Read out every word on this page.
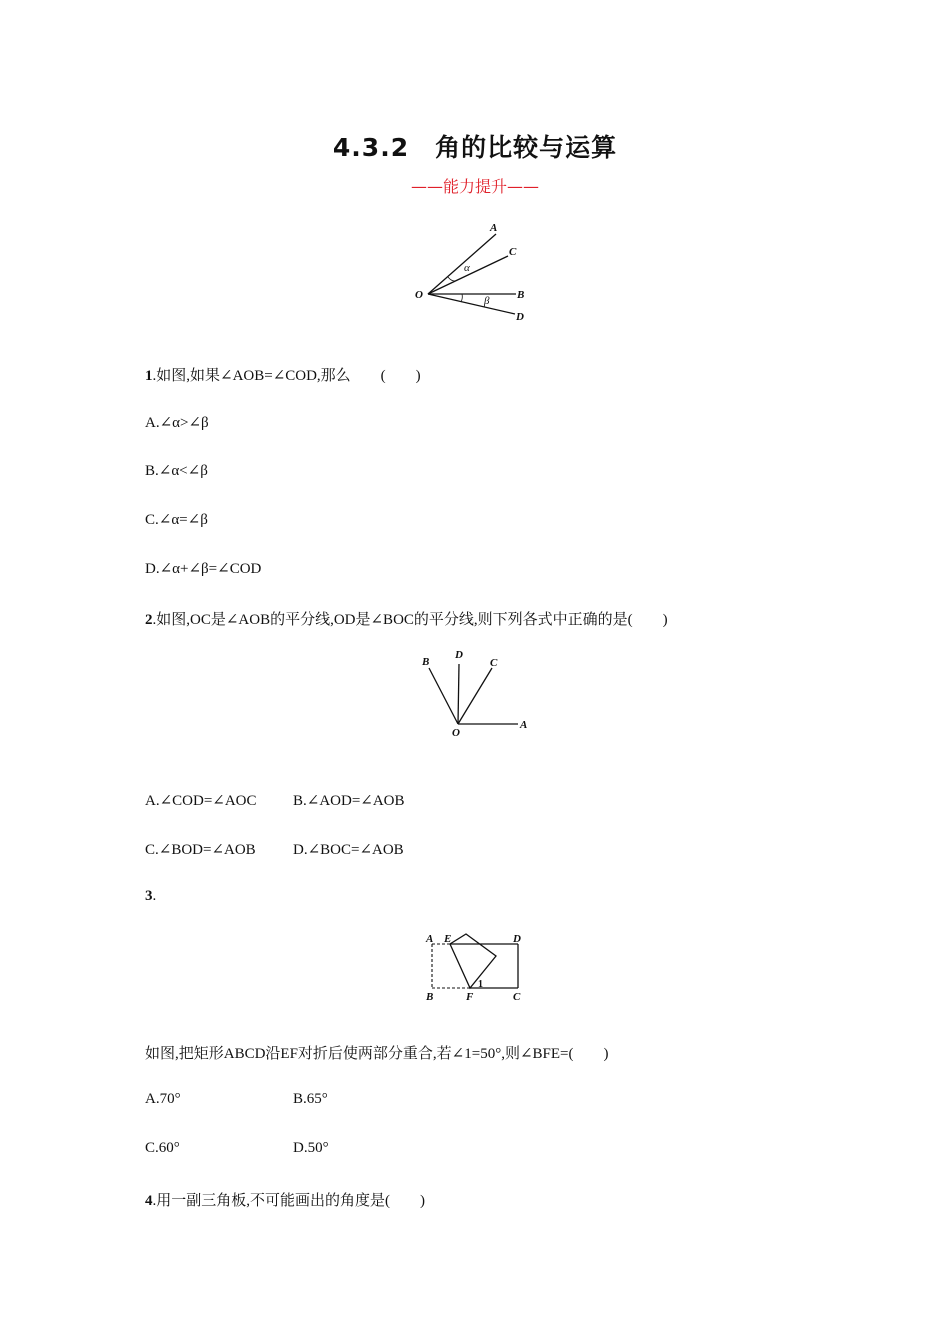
4.3.2　角的比较与运算
——能力提升——
A
C
B
D
O
α
β
1.如图,如果∠AOB=∠COD,那么　　(　　)
A.∠α>∠β
B.∠α<∠β
C.∠α=∠β
D.∠α+∠β=∠COD
2.如图,OC是∠AOB的平分线,OD是∠BOC的平分线,则下列各式中正确的是(　　)
B
D
C
A
O
A.∠COD=∠AOC B.∠AOD=∠AOB
C.∠BOD=∠AOB D.∠BOC=∠AOB
3.
A E	D
B	F	C
1
如图,把矩形ABCD沿EF对折后使两部分重合,若∠1=50°,则∠BFE=(　　)
A.70°	B.65°
C.60°	D.50°
4.用一副三角板,不可能画出的角度是(　　)
